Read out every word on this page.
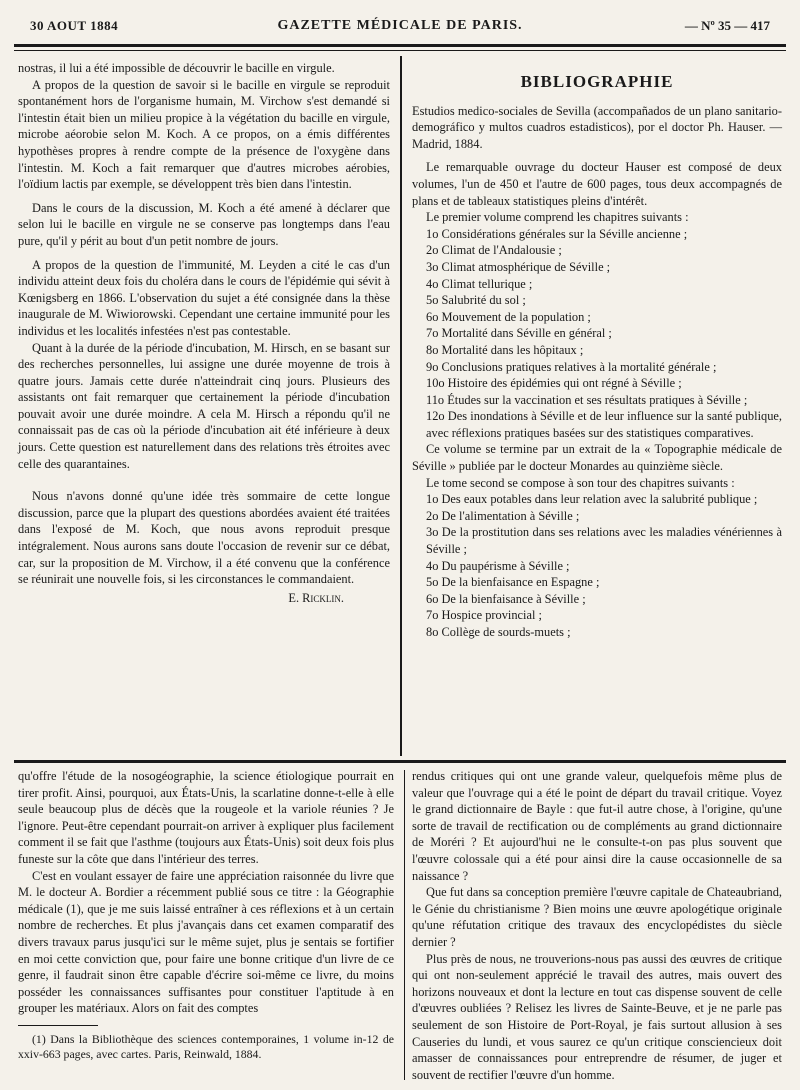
30 AOUT 1884	GAZETTE MÉDICALE DE PARIS.	— Nº 35 — 417

nostras, il lui a été impossible de découvrir le bacille en virgule.

A propos de la question de savoir si le bacille en virgule se reproduit spontanément hors de l'organisme humain, M. Virchow s'est demandé si l'intestin était bien un milieu propice à la végétation du bacille en virgule, microbe aéorobie selon M. Koch. A ce propos, on a émis différentes hypothèses propres à rendre compte de la présence de l'oxygène dans l'intestin. M. Koch a fait remarquer que d'autres microbes aérobies, l'oïdium lactis par exemple, se développent très bien dans l'intestin.

Dans le cours de la discussion, M. Koch a été amené à déclarer que selon lui le bacille en virgule ne se conserve pas longtemps dans l'eau pure, qu'il y périt au bout d'un petit nombre de jours.

A propos de la question de l'immunité, M. Leyden a cité le cas d'un individu atteint deux fois du choléra dans le cours de l'épidémie qui sévit à Kœnigsberg en 1866. L'observation du sujet a été consignée dans la thèse inaugurale de M. Wiwiorowski. Cependant une certaine immunité pour les individus et les localités infestées n'est pas contestable.

Quant à la durée de la période d'incubation, M. Hirsch, en se basant sur des recherches personnelles, lui assigne une durée moyenne de trois à quatre jours. Jamais cette durée n'atteindrait cinq jours. Plusieurs des assistants ont fait remarquer que certainement la période d'incubation pouvait avoir une durée moindre. A cela M. Hirsch a répondu qu'il ne connaissait pas de cas où la période d'incubation ait été inférieure à deux jours. Cette question est naturellement dans des relations très étroites avec celle des quarantaines.

Nous n'avons donné qu'une idée très sommaire de cette longue discussion, parce que la plupart des questions abordées avaient été traitées dans l'exposé de M. Koch, que nous avons reproduit presque intégralement. Nous aurons sans doute l'occasion de revenir sur ce débat, car, sur la proposition de M. Virchow, il a été convenu que la conférence se réunirait une nouvelle fois, si les circonstances le commandaient.

E. Ricklin.
BIBLIOGRAPHIE

Estudios medico-sociales de Sevilla (accompañados de un plano sanitario-demográfico y multos cuadros estadisticos), por el doctor Ph. Hauser. — Madrid, 1884.

Le remarquable ouvrage du docteur Hauser est composé de deux volumes, l'un de 450 et l'autre de 600 pages, tous deux accompagnés de plans et de tableaux statistiques pleins d'intérêt.

Le premier volume comprend les chapitres suivants :

1o Considérations générales sur la Séville ancienne ;

2o Climat de l'Andalousie ;

3o Climat atmosphérique de Séville ;

4o Climat tellurique ;

5o Salubrité du sol ;

6o Mouvement de la population ;

7o Mortalité dans Séville en général ;

8o Mortalité dans les hôpitaux ;

9o Conclusions pratiques relatives à la mortalité générale ;

10o Histoire des épidémies qui ont régné à Séville ;

11o Études sur la vaccination et ses résultats pratiques à Séville ;

12o Des inondations à Séville et de leur influence sur la santé publique, avec réflexions pratiques basées sur des statistiques comparatives.

Ce volume se termine par un extrait de la « Topographie médicale de Séville » publiée par le docteur Monardes au quinzième siècle.

Le tome second se compose à son tour des chapitres suivants :

1o Des eaux potables dans leur relation avec la salubrité publique ;

2o De l'alimentation à Séville ;

3o De la prostitution dans ses relations avec les maladies vénériennes à Séville ;

4o Du paupérisme à Séville ;

5o De la bienfaisance en Espagne ;

6o De la bienfaisance à Séville ;

7o Hospice provincial ;

8o Collège de sourds-muets ;

qu'offre l'étude de la nosogéographie, la science étiologique pourrait en tirer profit. Ainsi, pourquoi, aux États-Unis, la scarlatine donne-t-elle à elle seule beaucoup plus de décès que la rougeole et la variole réunies ? Je l'ignore. Peut-être cependant pourrait-on arriver à expliquer plus facilement comment il se fait que l'asthme (toujours aux États-Unis) soit deux fois plus funeste sur la côte que dans l'intérieur des terres.

C'est en voulant essayer de faire une appréciation raisonnée du livre que M. le docteur A. Bordier a récemment publié sous ce titre : la Géographie médicale (1), que je me suis laissé entraîner à ces réflexions et à un certain nombre de recherches. Et plus j'avançais dans cet examen comparatif des divers travaux parus jusqu'ici sur le même sujet, plus je sentais se fortifier en moi cette conviction que, pour faire une bonne critique d'un livre de ce genre, il faudrait sinon être capable d'écrire soi-même ce livre, du moins posséder les connaissances suffisantes pour constituer l'aptitude à en grouper les matériaux. Alors on fait des comptes

(1) Dans la Bibliothèque des sciences contemporaines, 1 volume in-12 de xxiv-663 pages, avec cartes. Paris, Reinwald, 1884.

rendus critiques qui ont une grande valeur, quelquefois même plus de valeur que l'ouvrage qui a été le point de départ du travail critique. Voyez le grand dictionnaire de Bayle : que fut-il autre chose, à l'origine, qu'une sorte de travail de rectification ou de compléments au grand dictionnaire de Moréri ? Et aujourd'hui ne le consulte-t-on pas plus souvent que l'œuvre colossale qui a été pour ainsi dire la cause occasionnelle de sa naissance ?

Que fut dans sa conception première l'œuvre capitale de Chateaubriand, le Génie du christianisme ? Bien moins une œuvre apologétique originale qu'une réfutation critique des travaux des encyclopédistes du siècle dernier ?

Plus près de nous, ne trouverions-nous pas aussi des œuvres de critique qui ont non-seulement apprécié le travail des autres, mais ouvert des horizons nouveaux et dont la lecture en tout cas dispense souvent de celle d'œuvres oubliées ? Relisez les livres de Sainte-Beuve, et je ne parle pas seulement de son Histoire de Port-Royal, je fais surtout allusion à ses Causeries du lundi, et vous saurez ce qu'un critique consciencieux doit amasser de connaissances pour entreprendre de résumer, de juger et souvent de rectifier l'œuvre d'un homme.
